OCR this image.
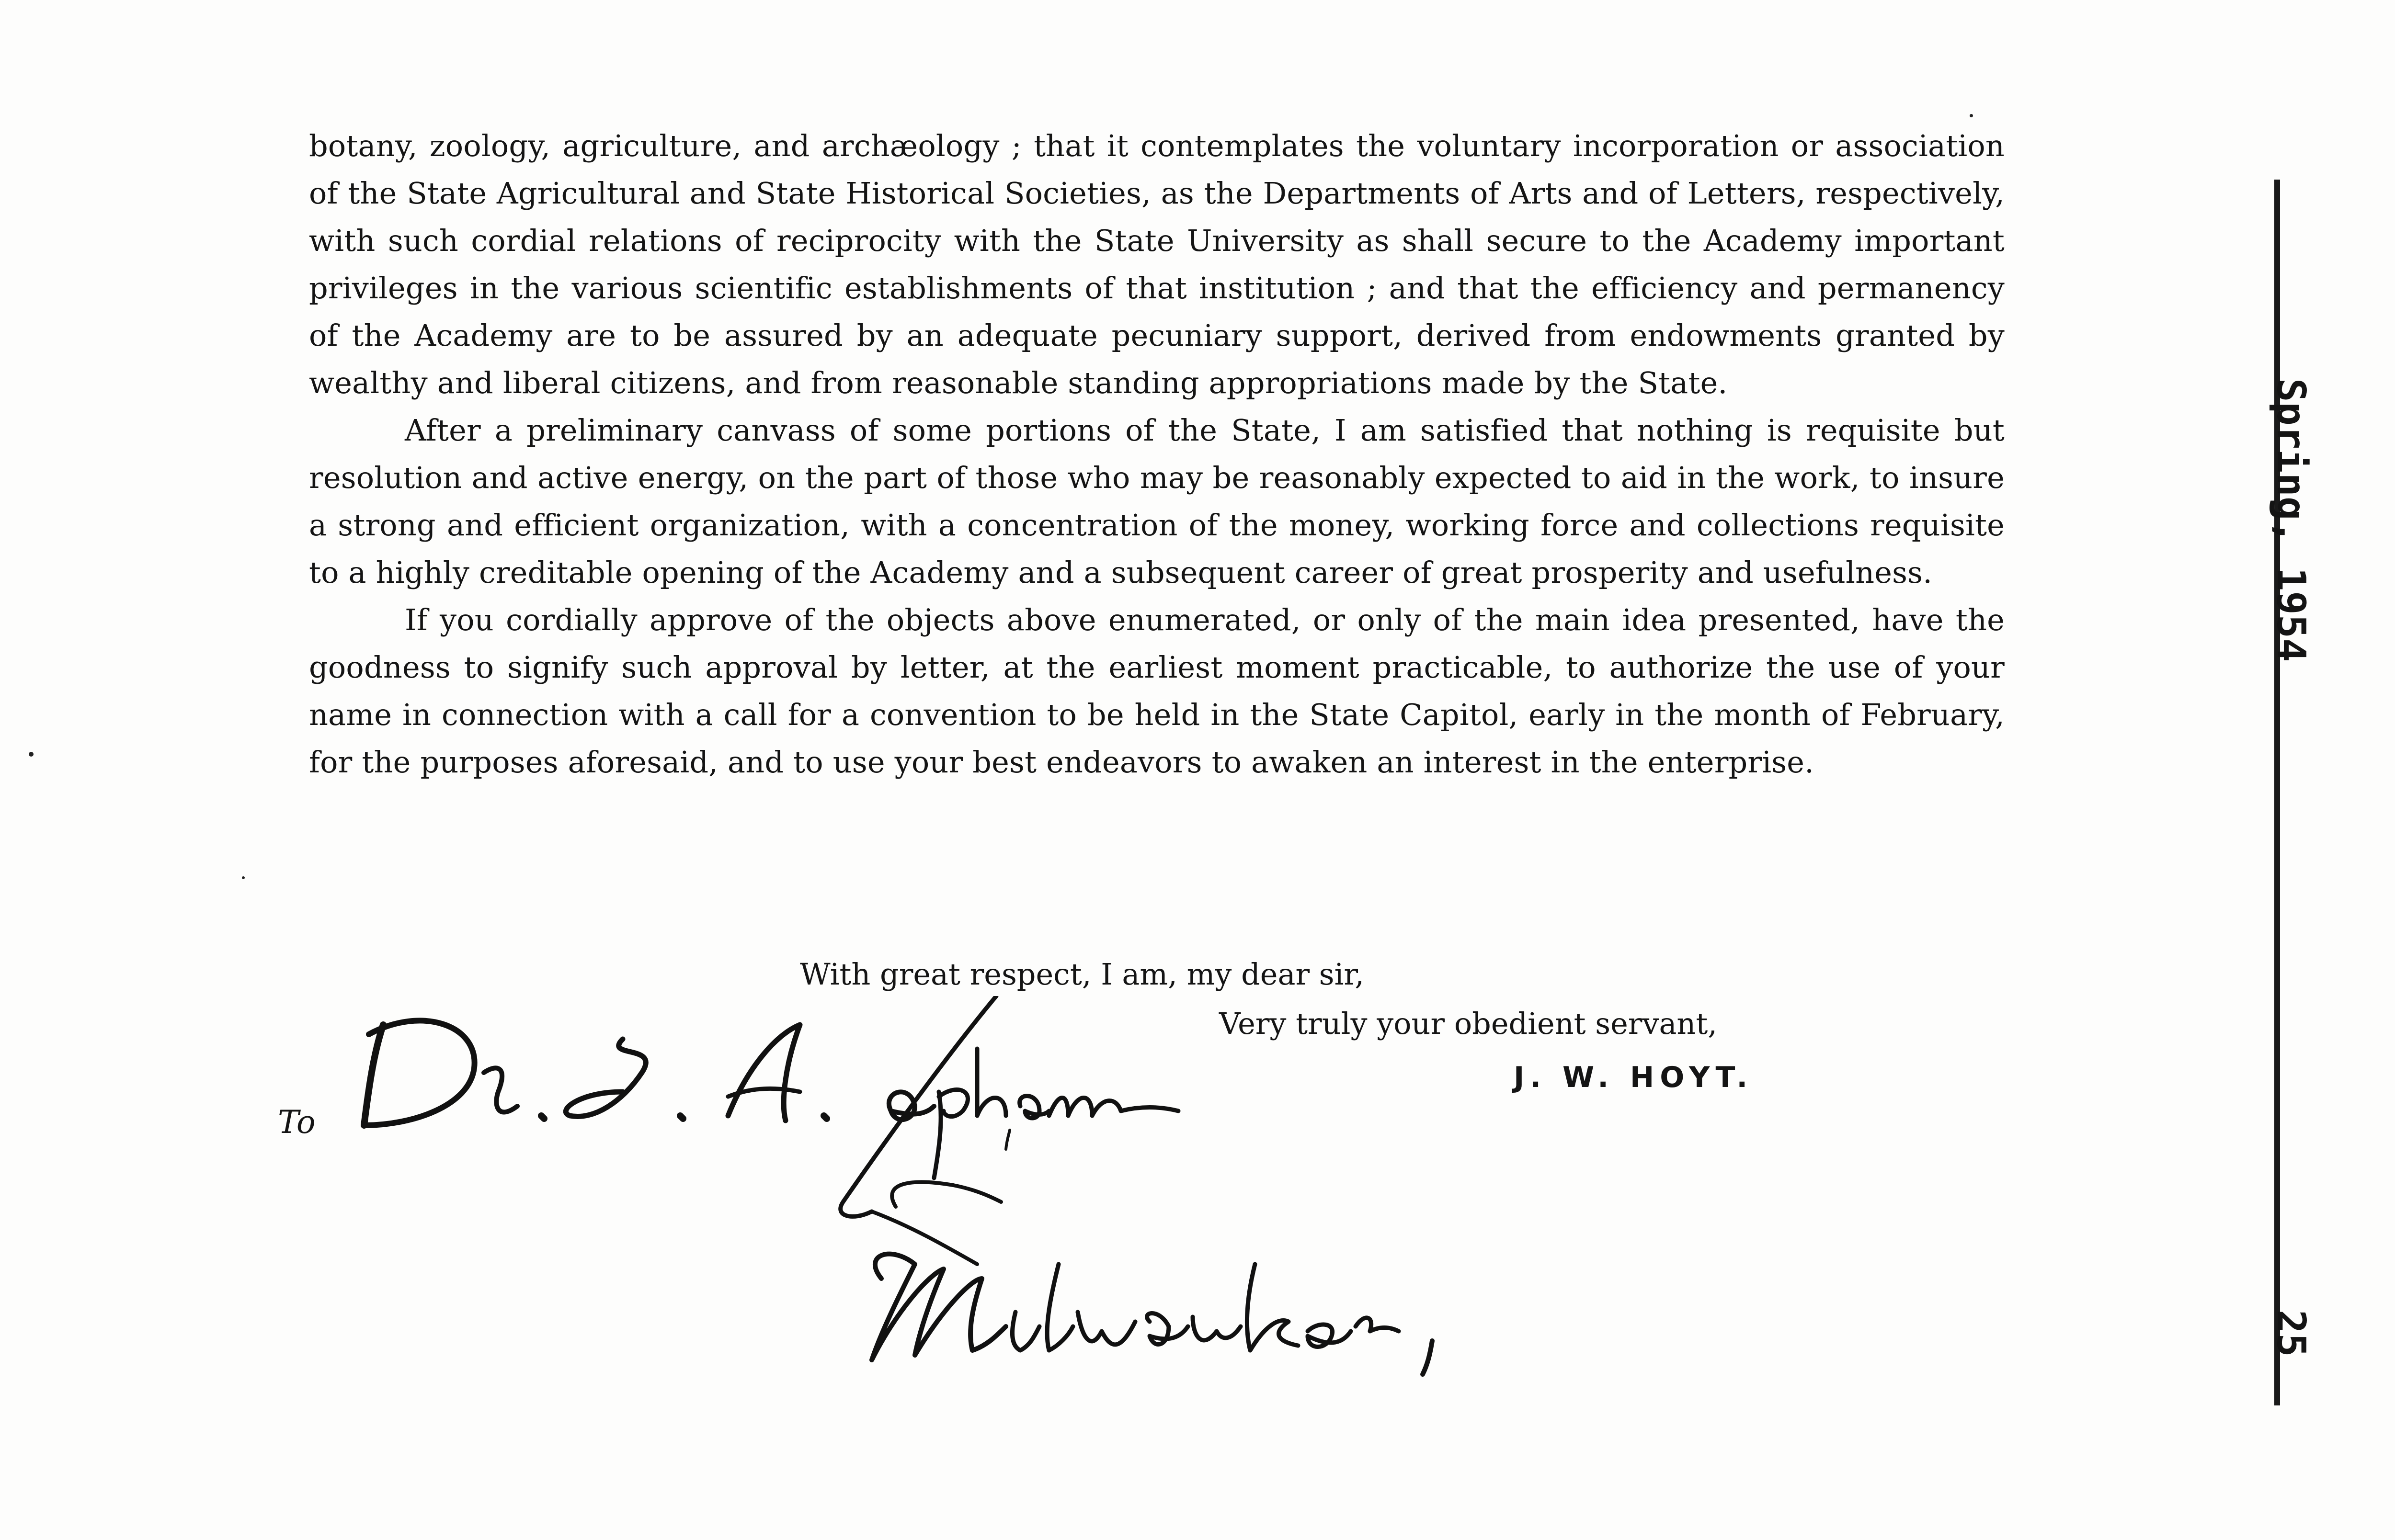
botany, zoology, agriculture, and archæology ; that it contemplates the voluntary incorporation or association of the State Agricultural and State Historical Societies, as the Departments of Arts and of Letters, respectively, with such cordial relations of reciprocity with the State University as shall secure to the Academy important privileges in the various scientific establishments of that institution ; and that the efficiency and permanency of the Academy are to be assured by an adequate pecuniary support, derived from endowments granted by wealthy and liberal citizens, and from reasonable standing appropriations made by the State.

After a preliminary canvass of some portions of the State, I am satisfied that nothing is requisite but resolution and active energy, on the part of those who may be reasonably expected to aid in the work, to insure a strong and efficient organization, with a concentration of the money, working force and collections requisite to a highly creditable opening of the Academy and a subsequent career of great prosperity and usefulness.

If you cordially approve of the objects above enumerated, or only of the main idea presented, have the goodness to signify such approval by letter, at the earliest moment practicable, to authorize the use of your name in connection with a call for a convention to be held in the State Capitol, early in the month of February, for the purposes aforesaid, and to use your best endeavors to awaken an interest in the enterprise.

With great respect, I am, my dear sir,
Very truly your obedient servant,
J. W. HOYT.
To
Spring, 1954
25
